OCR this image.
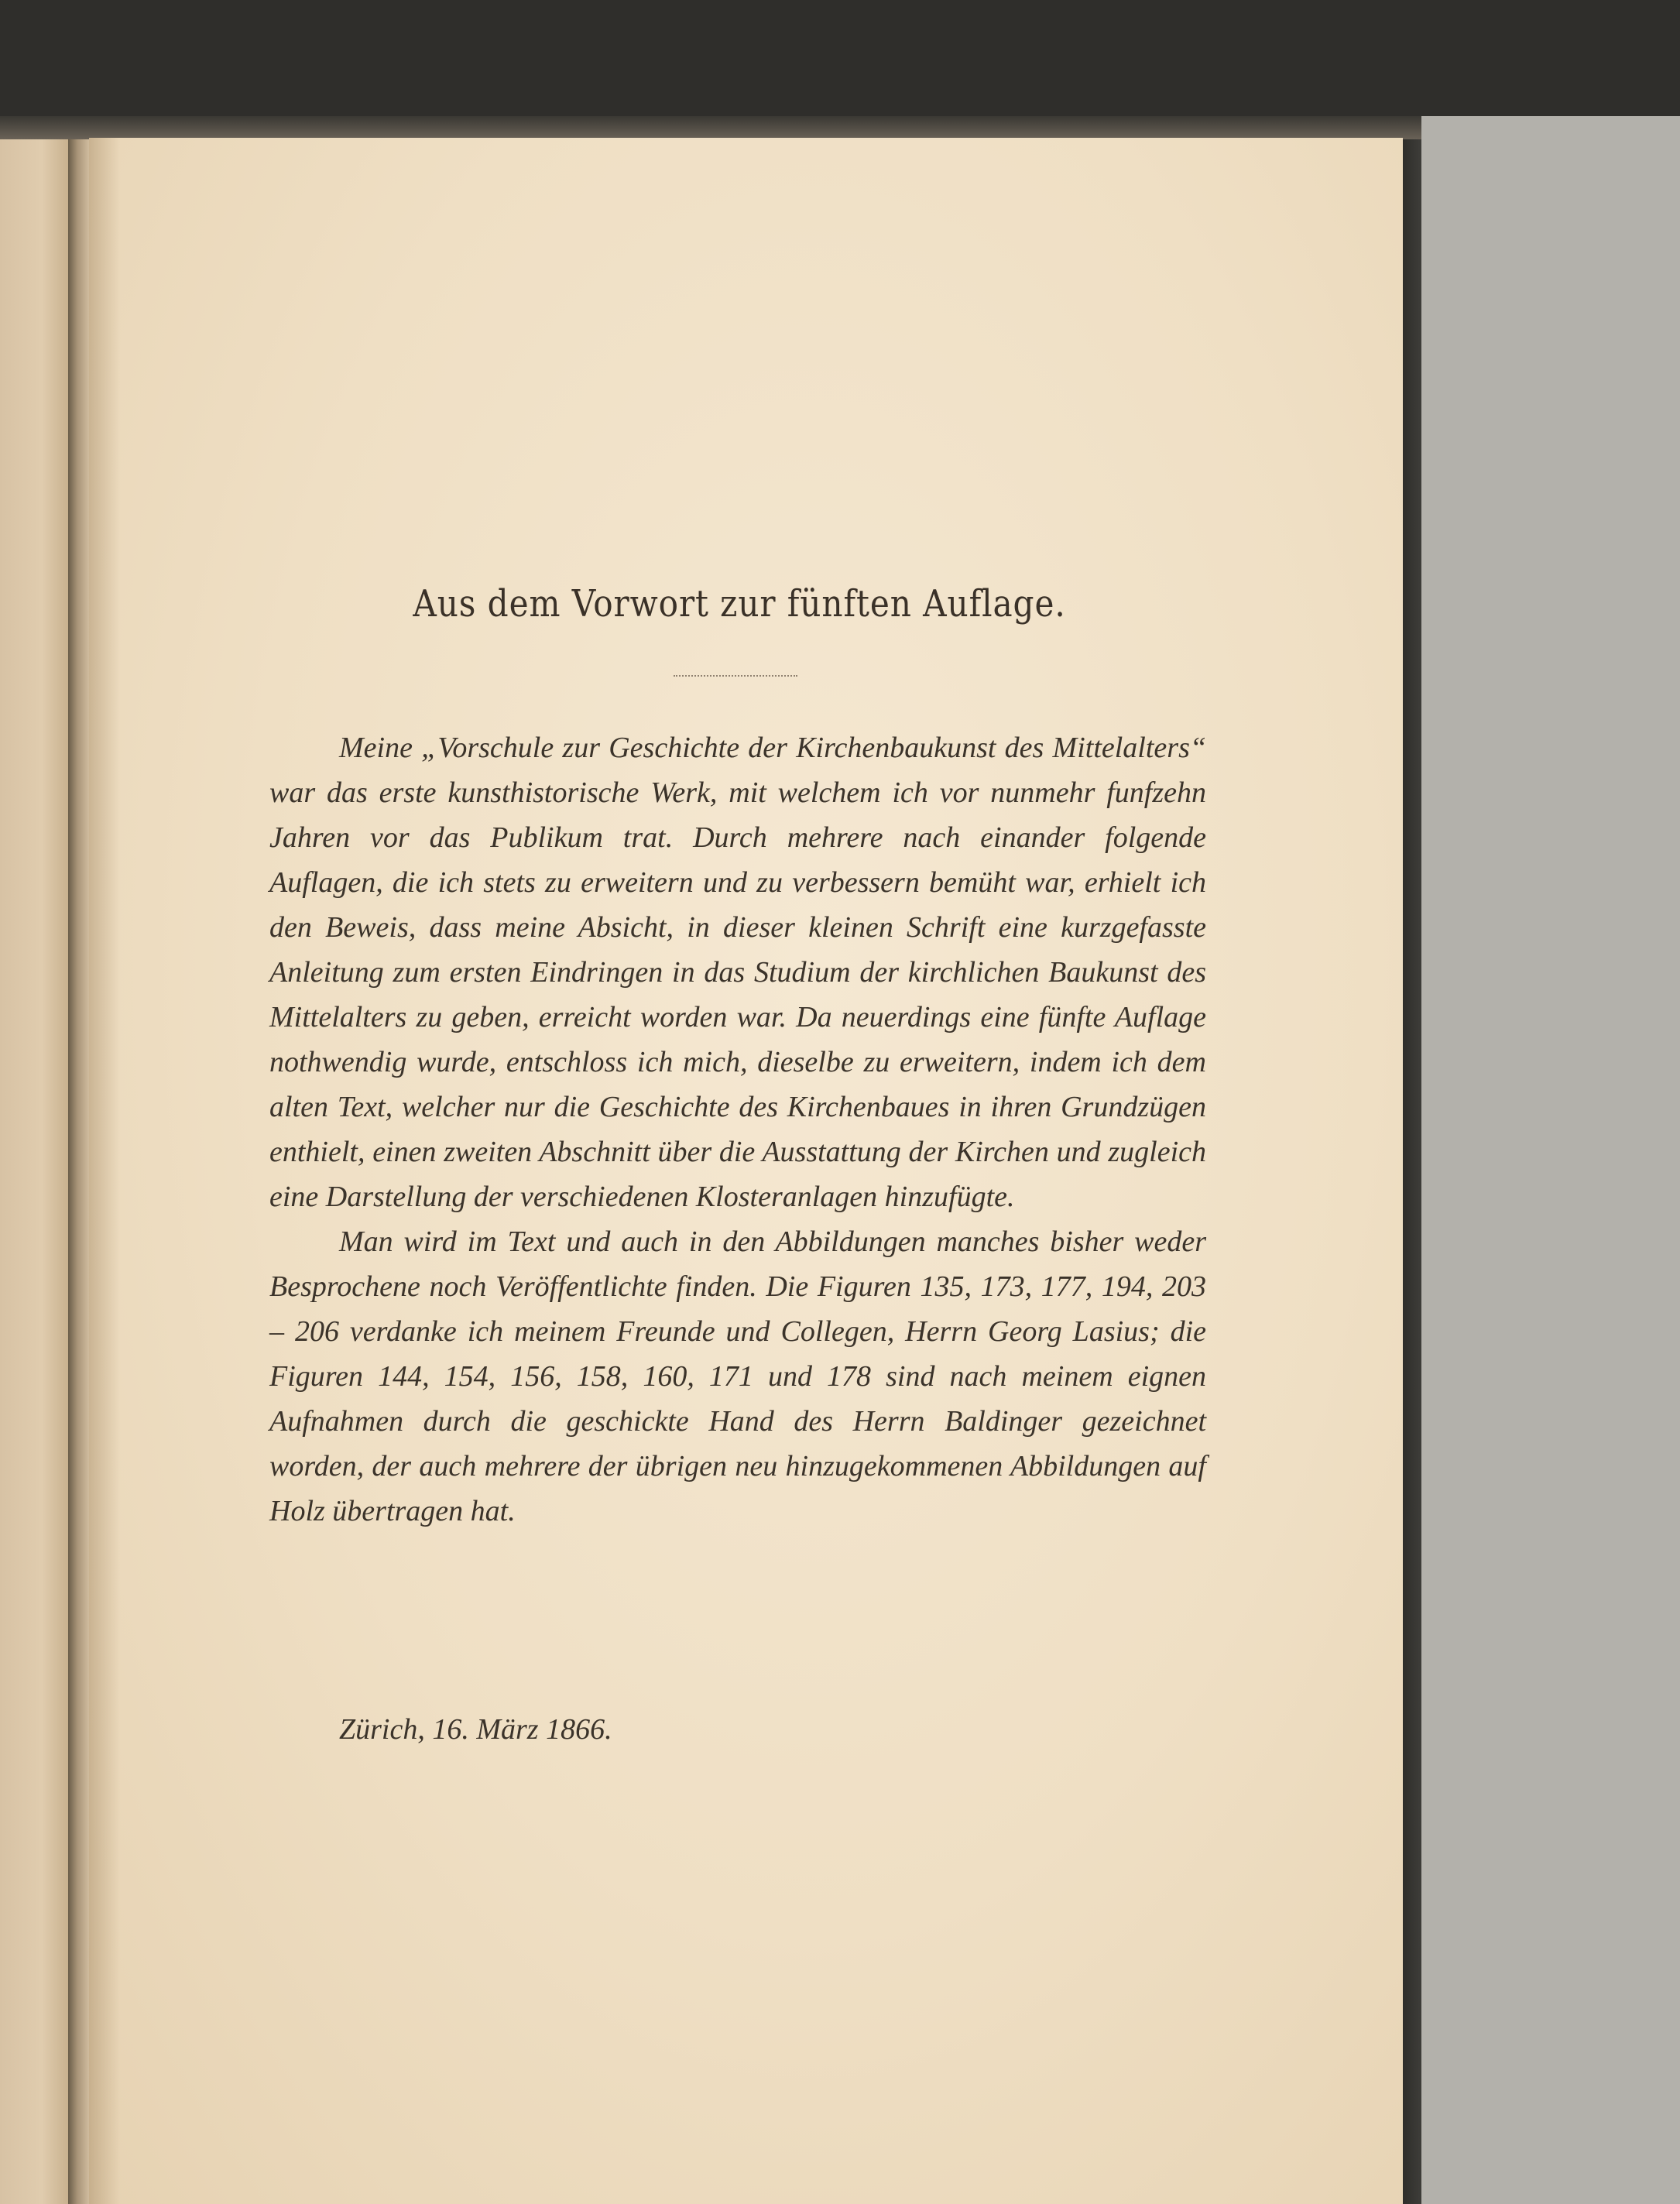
Aus dem Vorwort zur fünften Auflage.

Meine „Vorschule zur Geschichte der Kirchenbaukunst des Mittelalters“ war das erste kunsthistorische Werk, mit welchem ich vor nunmehr funfzehn Jahren vor das Publikum trat. Durch mehrere nach einander folgende Auflagen, die ich stets zu erweitern und zu verbessern bemüht war, erhielt ich den Beweis, dass meine Absicht, in dieser kleinen Schrift eine kurzgefasste Anleitung zum ersten Eindringen in das Studium der kirchlichen Baukunst des Mittelalters zu geben, erreicht worden war. Da neuerdings eine fünfte Auflage nothwendig wurde, entschloss ich mich, dieselbe zu erweitern, indem ich dem alten Text, welcher nur die Geschichte des Kirchenbaues in ihren Grundzügen enthielt, einen zweiten Abschnitt über die Ausstattung der Kirchen und zugleich eine Darstellung der verschiedenen Klosteranlagen hinzufügte.

Man wird im Text und auch in den Abbildungen manches bisher weder Besprochene noch Veröffentlichte finden. Die Figuren 135, 173, 177, 194, 203 – 206 verdanke ich meinem Freunde und Collegen, Herrn Georg Lasius; die Figuren 144, 154, 156, 158, 160, 171 und 178 sind nach meinem eignen Aufnahmen durch die geschickte Hand des Herrn Baldinger gezeichnet worden, der auch mehrere der übrigen neu hinzugekommenen Abbildungen auf Holz übertragen hat.

Zürich, 16. März 1866.
